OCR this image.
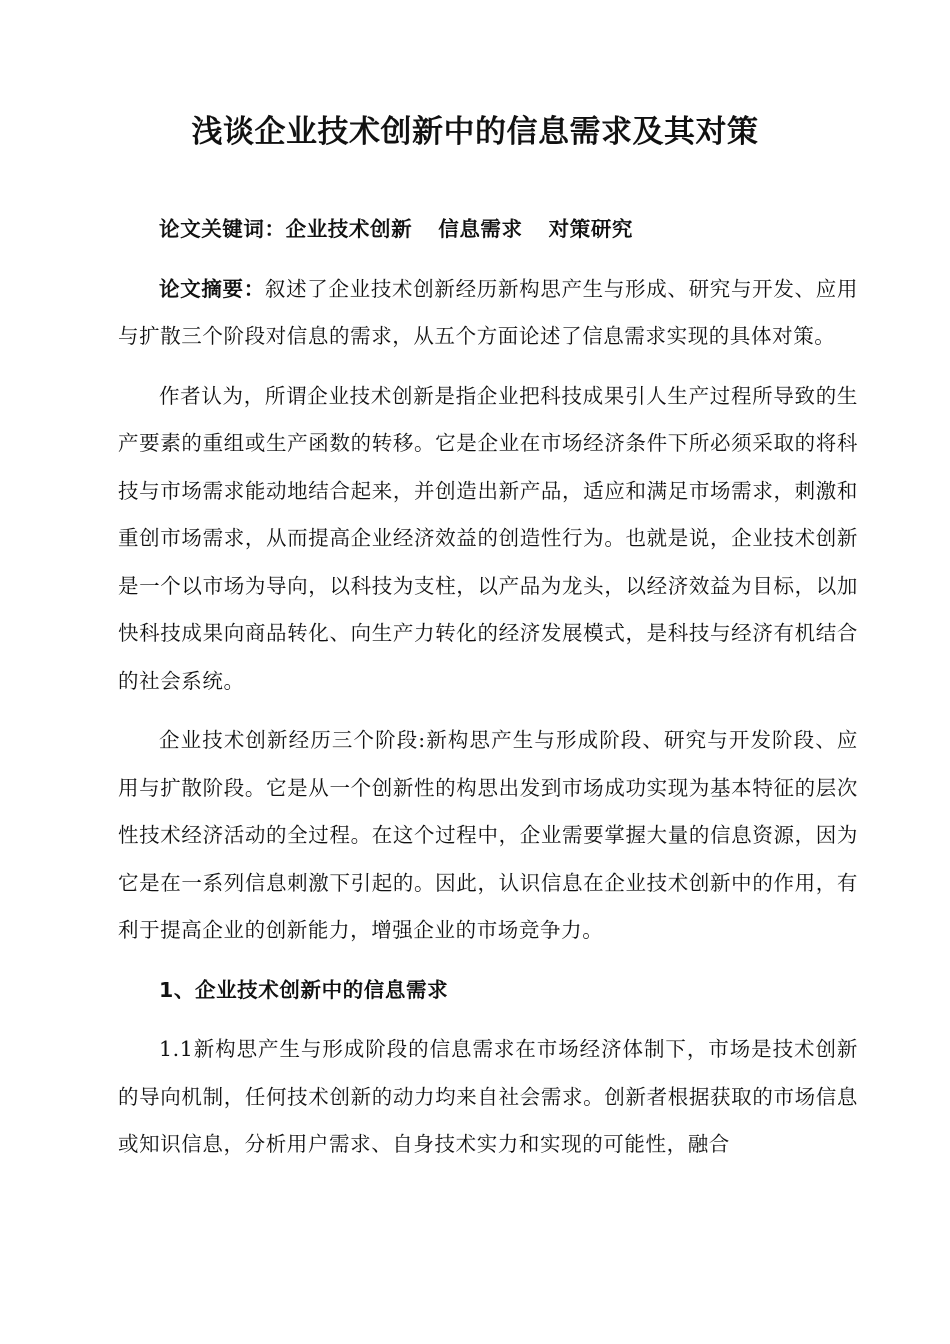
浅谈企业技术创新中的信息需求及其对策

论文关键词：企业技术创新 信息需求 对策研究

论文摘要：叙述了企业技术创新经历新构思产生与形成、研究与开发、应用与扩散三个阶段对信息的需求，从五个方面论述了信息需求实现的具体对策。

作者认为，所谓企业技术创新是指企业把科技成果引人生产过程所导致的生产要素的重组或生产函数的转移。它是企业在市场经济条件下所必须采取的将科技与市场需求能动地结合起来，并创造出新产品，适应和满足市场需求，刺激和重创市场需求，从而提高企业经济效益的创造性行为。也就是说，企业技术创新是一个以市场为导向，以科技为支柱，以产品为龙头，以经济效益为目标，以加快科技成果向商品转化、向生产力转化的经济发展模式，是科技与经济有机结合的社会系统。

企业技术创新经历三个阶段:新构思产生与形成阶段、研究与开发阶段、应用与扩散阶段。它是从一个创新性的构思出发到市场成功实现为基本特征的层次性技术经济活动的全过程。在这个过程中，企业需要掌握大量的信息资源，因为它是在一系列信息刺激下引起的。因此，认识信息在企业技术创新中的作用，有利于提高企业的创新能力，增强企业的市场竞争力。

1、企业技术创新中的信息需求

1.1新构思产生与形成阶段的信息需求在市场经济体制下，市场是技术创新的导向机制，任何技术创新的动力均来自社会需求。创新者根据获取的市场信息或知识信息，分析用户需求、自身技术实力和实现的可能性，融合
